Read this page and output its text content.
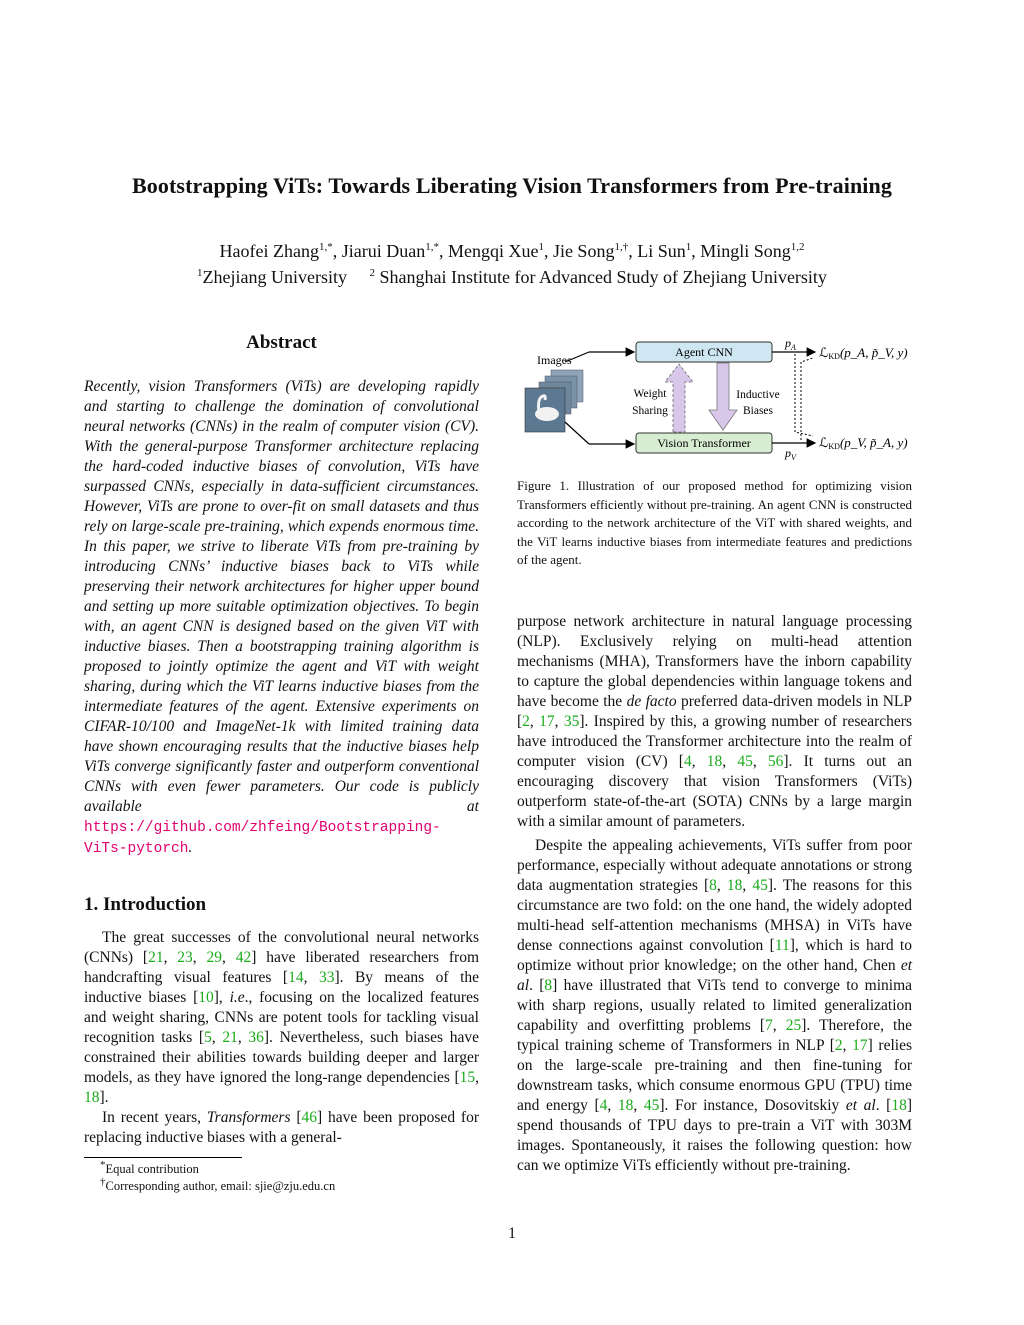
Bootstrapping ViTs: Towards Liberating Vision Transformers from Pre-training
Haofei Zhang$^{1,*}$, Jiarui Duan$^{1,*}$, Mengqi Xue$^1$, Jie Song$^{1,\dagger}$, Li Sun$^1$, Mingli Song$^{1,2}$
$^1$Zhejiang University $^2$ Shanghai Institute for Advanced Study of Zhejiang University
Abstract
Recently, vision Transformers (ViTs) are developing rapidly and starting to challenge the domination of convolutional neural networks (CNNs) in the realm of computer vision (CV). With the general-purpose Transformer architecture replacing the hard-coded inductive biases of convolution, ViTs have surpassed CNNs, especially in data-sufficient circumstances. However, ViTs are prone to over-fit on small datasets and thus rely on large-scale pre-training, which expends enormous time. In this paper, we strive to liberate ViTs from pre-training by introducing CNNs’ inductive biases back to ViTs while preserving their network architectures for higher upper bound and setting up more suitable optimization objectives. To begin with, an agent CNN is designed based on the given ViT with inductive biases. Then a bootstrapping training algorithm is proposed to jointly optimize the agent and ViT with weight sharing, during which the ViT learns inductive biases from the intermediate features of the agent. Extensive experiments on CIFAR-10/100 and ImageNet-1k with limited training data have shown encouraging results that the inductive biases help ViTs converge significantly faster and outperform conventional CNNs with even fewer parameters. Our code is publicly available at https://github.com/zhfeing/Bootstrapping-ViTs-pytorch.
1. Introduction

The great successes of the convolutional neural networks (CNNs) [21, 23, 29, 42] have liberated researchers from handcrafting visual features [14, 33]. By means of the inductive biases [10], i.e., focusing on the localized features and weight sharing, CNNs are potent tools for tackling visual recognition tasks [5, 21, 36]. Nevertheless, such biases have constrained their abilities towards building deeper and larger models, as they have ignored the long-range dependencies [15, 18].

In recent years, Transformers [46] have been proposed for replacing inductive biases with a general-

*Equal contribution
†Corresponding author, email: sjie@zju.edu.cn
Images
Agent CNN
Vision Transformer
Weight
Sharing
Inductive
Biases
$p_A$
$p_V$
ℒKD(p_A, p̃_V, y)
ℒKD(p_V, p̃_A, y)
Figure 1. Illustration of our proposed method for optimizing vision Transformers efficiently without pre-training. An agent CNN is constructed according to the network architecture of the ViT with shared weights, and the ViT learns inductive biases from intermediate features and predictions of the agent.

purpose network architecture in natural language processing (NLP). Exclusively relying on multi-head attention mechanisms (MHA), Transformers have the inborn capability to capture the global dependencies within language tokens and have become the de facto preferred data-driven models in NLP [2, 17, 35]. Inspired by this, a growing number of researchers have introduced the Transformer architecture into the realm of computer vision (CV) [4, 18, 45, 56]. It turns out an encouraging discovery that vision Transformers (ViTs) outperform state-of-the-art (SOTA) CNNs by a large margin with a similar amount of parameters.

Despite the appealing achievements, ViTs suffer from poor performance, especially without adequate annotations or strong data augmentation strategies [8, 18, 45]. The reasons for this circumstance are two fold: on the one hand, the widely adopted multi-head self-attention mechanisms (MHSA) in ViTs have dense connections against convolution [11], which is hard to optimize without prior knowledge; on the other hand, Chen et al. [8] have illustrated that ViTs tend to converge to minima with sharp regions, usually related to limited generalization capability and overfitting problems [7, 25]. Therefore, the typical training scheme of Transformers in NLP [2, 17] relies on the large-scale pre-training and then fine-tuning for downstream tasks, which consume enormous GPU (TPU) time and energy [4, 18, 45]. For instance, Dosovitskiy et al. [18] spend thousands of TPU days to pre-train a ViT with 303M images. Spontaneously, it raises the following question: how can we optimize ViTs efficiently without pre-training.

1
